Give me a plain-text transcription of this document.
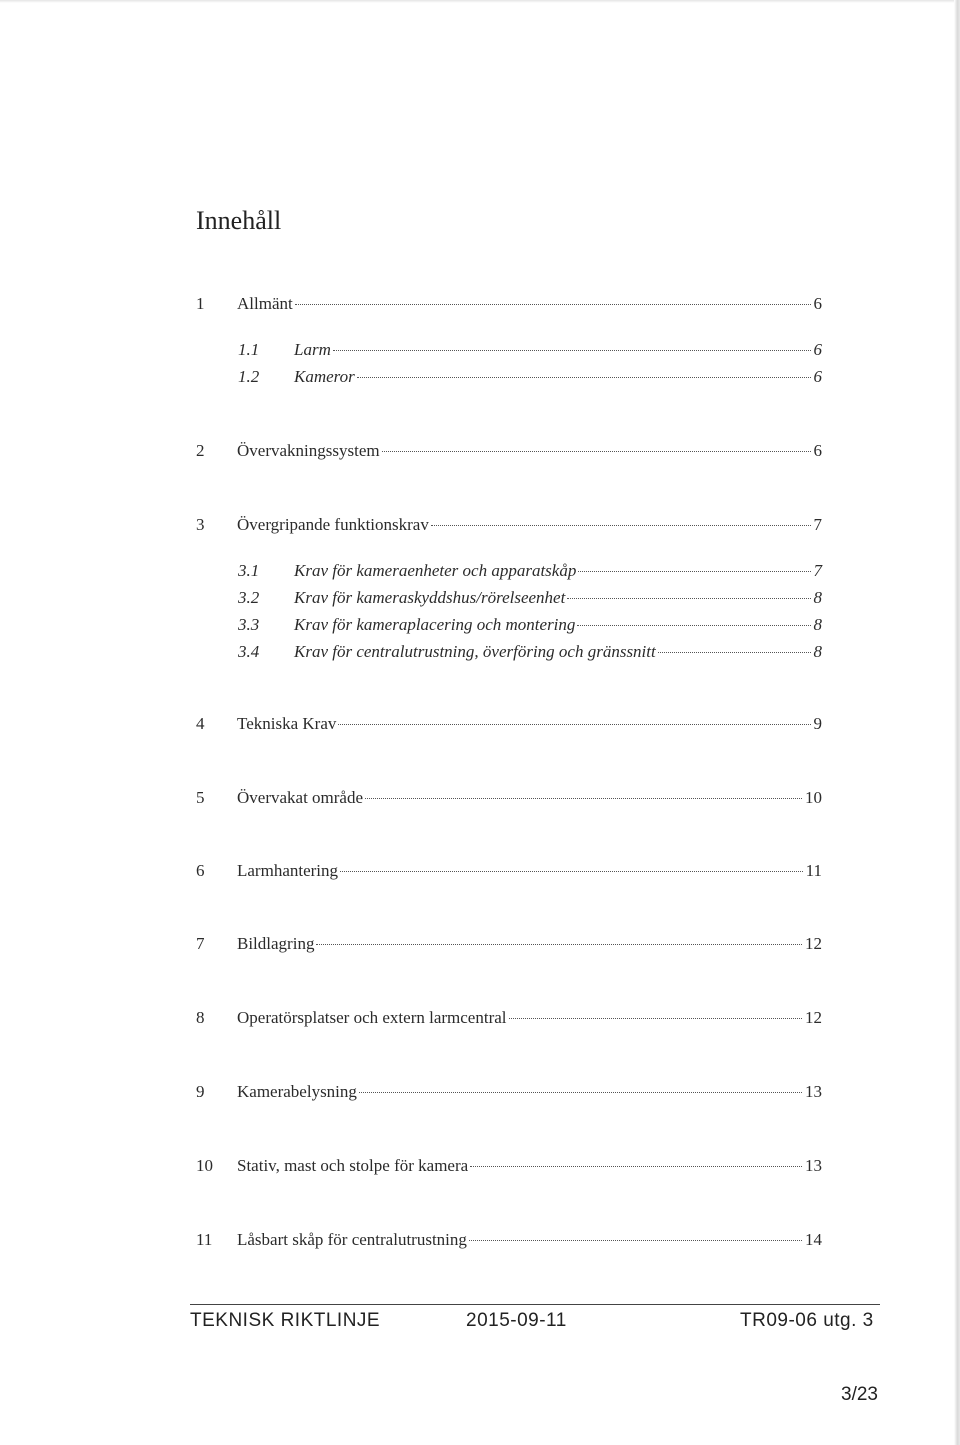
Innehåll
1 Allmänt	6
1.1 Larm	6
1.2 Kameror	6
2 Övervakningssystem	6
3 Övergripande funktionskrav	7
3.1 Krav för kameraenheter och apparatskåp	7
3.2 Krav för kameraskyddshus/rörelseenhet	8
3.3 Krav för kameraplacering och montering	8
3.4 Krav för centralutrustning, överföring och gränssnitt	8
4 Tekniska Krav	9
5 Övervakat område	10
6 Larmhantering	11
7 Bildlagring	12
8 Operatörsplatser och extern larmcentral	12
9 Kamerabelysning	13
10 Stativ, mast och stolpe för kamera	13
11 Låsbart skåp för centralutrustning	14
TEKNISK RIKTLINJE	2015-09-11	TR09-06 utg. 3
3/23
